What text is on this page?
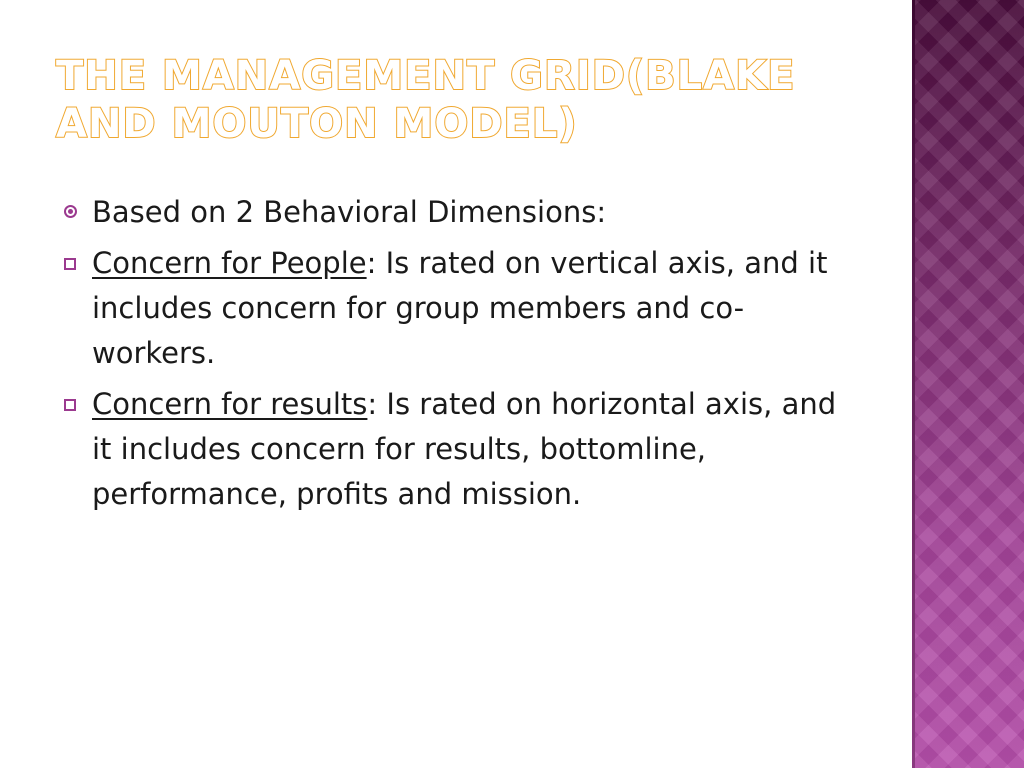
THE MANAGEMENT GRID(BLAKE AND MOUTON MODEL)
Based on 2 Behavioral Dimensions:
Concern for People: Is rated on vertical axis, and it includes concern for group members and co-workers.
Concern for results: Is rated on horizontal axis, and it includes concern for results, bottomline, performance, profits and mission.
